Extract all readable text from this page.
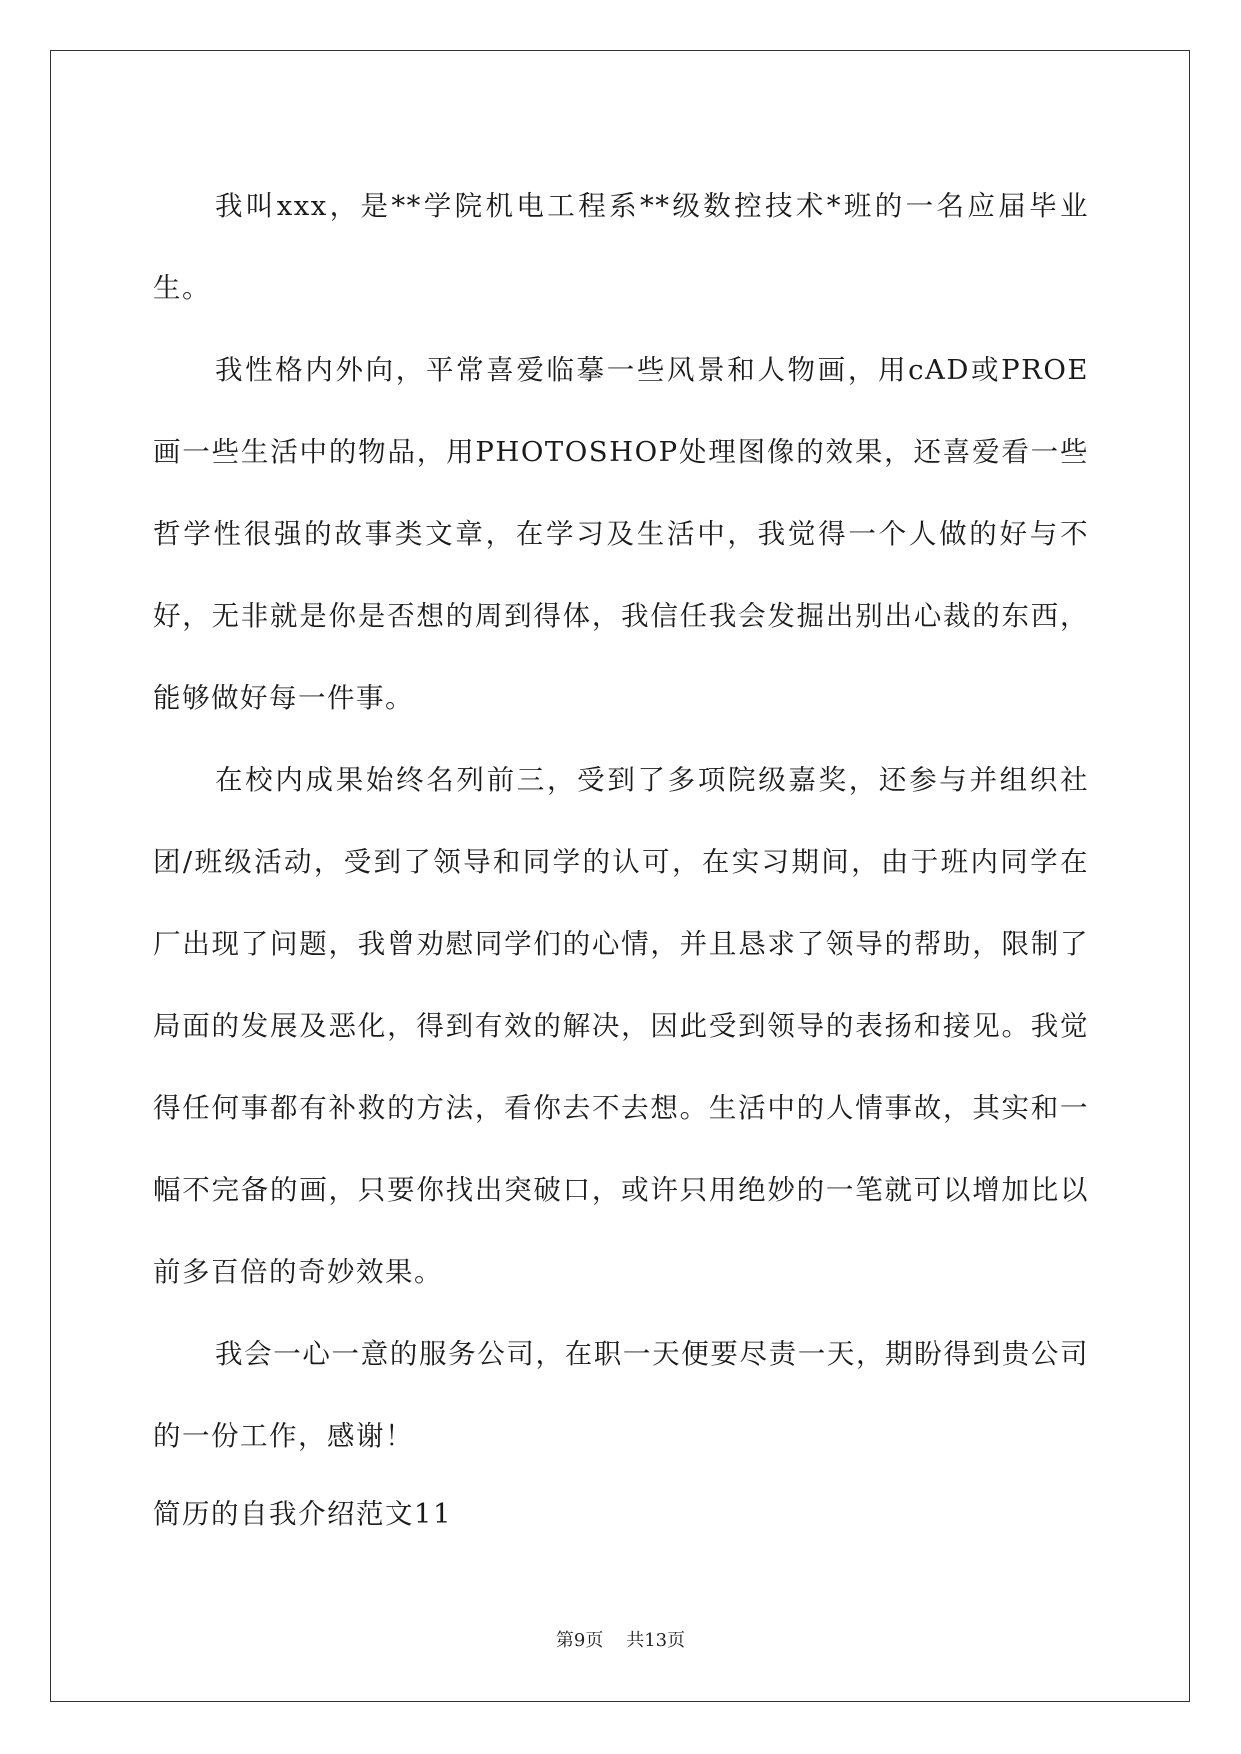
我叫xxx，是**学院机电工程系**级数控技术*班的一名应届毕业生。

我性格内外向，平常喜爱临摹一些风景和人物画，用cAD或PROE画一些生活中的物品，用PHOTOSHOP处理图像的效果，还喜爱看一些哲学性很强的故事类文章，在学习及生活中，我觉得一个人做的好与不好，无非就是你是否想的周到得体，我信任我会发掘出别出心裁的东西，能够做好每一件事。

在校内成果始终名列前三，受到了多项院级嘉奖，还参与并组织社团/班级活动，受到了领导和同学的认可，在实习期间，由于班内同学在厂出现了问题，我曾劝慰同学们的心情，并且恳求了领导的帮助，限制了局面的发展及恶化，得到有效的解决，因此受到领导的表扬和接见。我觉得任何事都有补救的方法，看你去不去想。生活中的人情事故，其实和一幅不完备的画，只要你找出突破口，或许只用绝妙的一笔就可以增加比以前多百倍的奇妙效果。

我会一心一意的服务公司，在职一天便要尽责一天，期盼得到贵公司的一份工作，感谢！

简历的自我介绍范文11

第9页 共13页
